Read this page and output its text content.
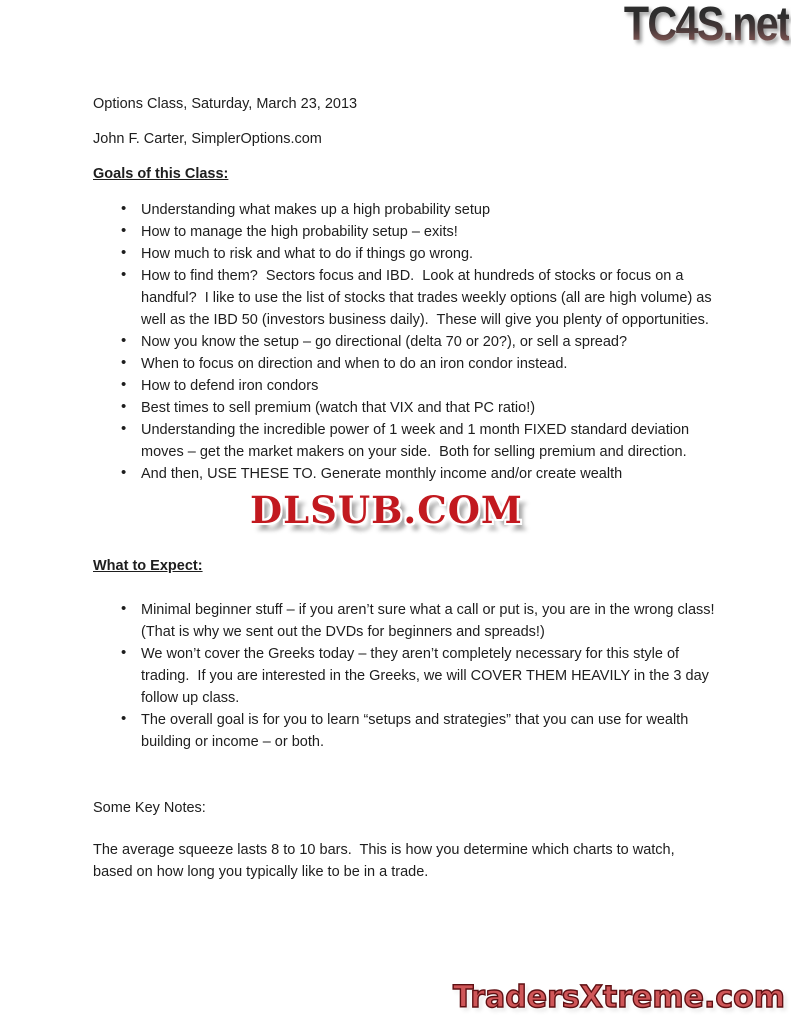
TC4S.net
Options Class, Saturday, March 23, 2013
John F. Carter, SimplerOptions.com
Goals of this Class:
• Understanding what makes up a high probability setup
• How to manage the high probability setup – exits!
• How much to risk and what to do if things go wrong.
• How to find them?  Sectors focus and IBD.  Look at hundreds of stocks or focus on a handful?  I like to use the list of stocks that trades weekly options (all are high volume) as well as the IBD 50 (investors business daily).  These will give you plenty of opportunities.
• Now you know the setup – go directional (delta 70 or 20?), or sell a spread?
• When to focus on direction and when to do an iron condor instead.
• How to defend iron condors
• Best times to sell premium (watch that VIX and that PC ratio!)
• Understanding the incredible power of 1 week and 1 month FIXED standard deviation moves – get the market makers on your side.  Both for selling premium and direction.
• And then, USE THESE TO. Generate monthly income and/or create wealth
DLSUB.COM
What to Expect:
• Minimal beginner stuff – if you aren’t sure what a call or put is, you are in the wrong class!  (That is why we sent out the DVDs for beginners and spreads!)
• We won’t cover the Greeks today – they aren’t completely necessary for this style of trading.  If you are interested in the Greeks, we will COVER THEM HEAVILY in the 3 day follow up class.
• The overall goal is for you to learn “setups and strategies” that you can use for wealth building or income – or both.
Some Key Notes:
The average squeeze lasts 8 to 10 bars.  This is how you determine which charts to watch, based on how long you typically like to be in a trade.
TradersXtreme.com
